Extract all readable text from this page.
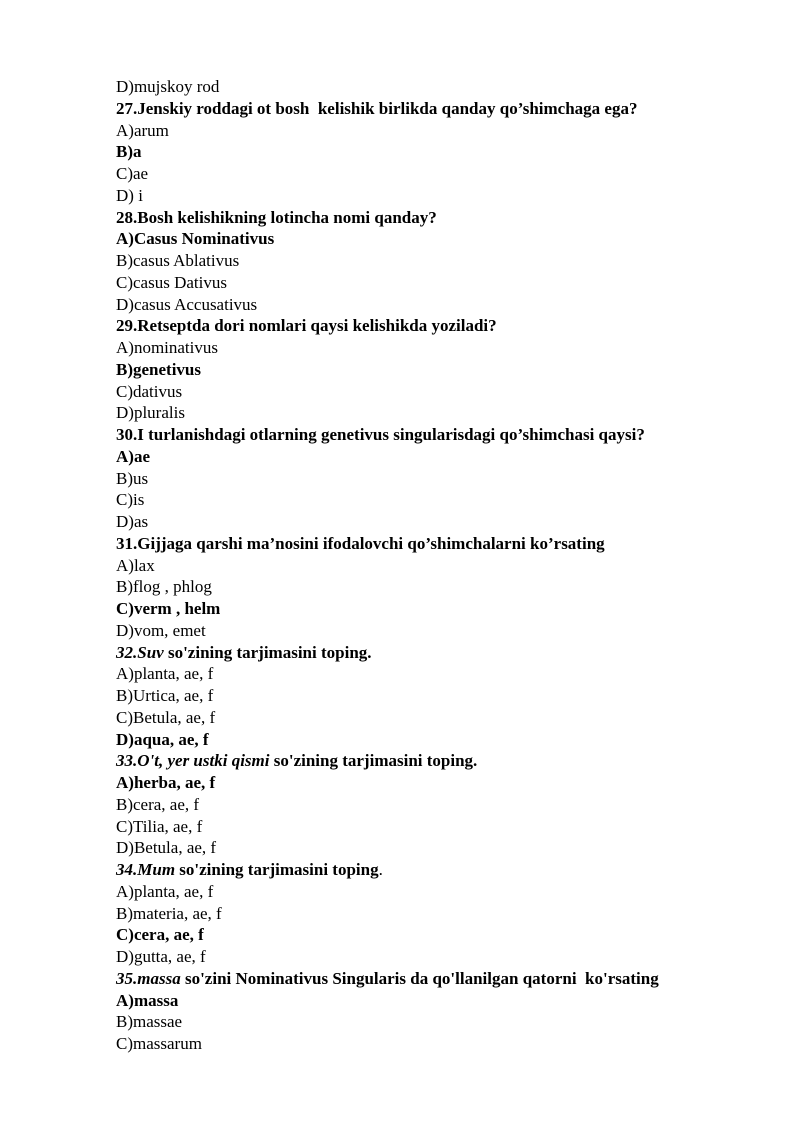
D)mujskoy rod
27.Jenskiy roddagi ot bosh  kelishik birlikda qanday qo’shimchaga ega?
A)arum
B)a
C)ae
D) i
28.Bosh kelishikning lotincha nomi qanday?
A)Casus Nominativus
B)casus Ablativus
C)casus Dativus
D)casus Accusativus
29.Retseptda dori nomlari qaysi kelishikda yoziladi?
A)nominativus
B)genetivus
C)dativus
D)pluralis
30.I turlanishdagi otlarning genetivus singularisdagi qo’shimchasi qaysi?
A)ae
B)us
C)is
D)as
31.Gijjaga qarshi ma’nosini ifodalovchi qo’shimchalarni ko’rsating
A)lax
B)flog , phlog
C)verm , helm
D)vom, emet
32.Suv so'zining tarjimasini toping.
A)planta, ae, f
B)Urtica, ae, f
C)Betula, ae, f
D)aqua, ae, f
33.O't, yer ustki qismi so'zining tarjimasini toping.
A)herba, ae, f
B)cera, ae, f
C)Tilia, ae, f
D)Betula, ae, f
34.Mum so'zining tarjimasini toping.
A)planta, ae, f
B)materia, ae, f
C)cera, ae, f
D)gutta, ae, f
35.massa so'zini Nominativus Singularis da qo'llanilgan qatorni  ko'rsating
A)massa
B)massae
C)massarum
